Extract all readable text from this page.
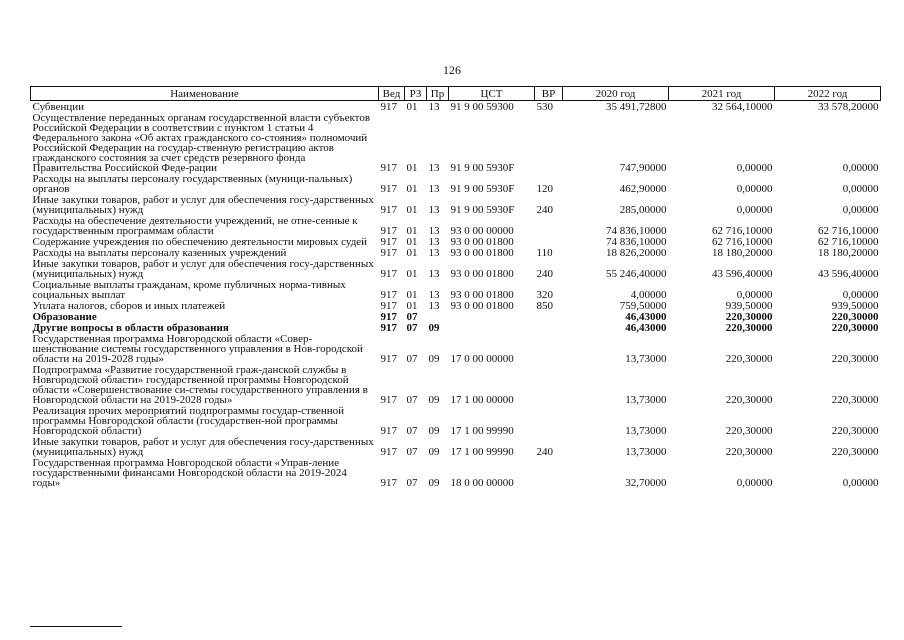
126
Наименование	Вед	РЗ	Пр	ЦСТ	ВР	2020 год	2021 год	2022 год
Субвенции	917	01	13	91 9 00 59300	530	35 491,72800	32 564,10000	33 578,20000
Осуществление переданных органам государственной власти субъектов Российской Федерации в соответствии с пунктом 1 статьи 4 Федерального закона «Об актах гражданского со-стояния» полномочий Российской Федерации на государ-ственную регистрацию актов гражданского состояния за счет средств резервного фонда Правительства Российской Феде-рации	917	01	13	91 9 00 5930F		747,90000	0,00000	0,00000
Расходы на выплаты персоналу государственных (муници-пальных) органов	917	01	13	91 9 00 5930F	120	462,90000	0,00000	0,00000
Иные закупки товаров, работ и услуг для обеспечения госу-дарственных (муниципальных) нужд	917	01	13	91 9 00 5930F	240	285,00000	0,00000	0,00000
Расходы на обеспечение деятельности учреждений, не отне-сенные к государственным программам области	917	01	13	93 0 00 00000		74 836,10000	62 716,10000	62 716,10000
Содержание учреждения по обеспечению деятельности мировых судей	917	01	13	93 0 00 01800		74 836,10000	62 716,10000	62 716,10000
Расходы на выплаты персоналу казенных учреждений	917	01	13	93 0 00 01800	110	18 826,20000	18 180,20000	18 180,20000
Иные закупки товаров, работ и услуг для обеспечения госу-дарственных (муниципальных) нужд	917	01	13	93 0 00 01800	240	55 246,40000	43 596,40000	43 596,40000
Социальные выплаты гражданам, кроме публичных норма-тивных социальных выплат	917	01	13	93 0 00 01800	320	4,00000	0,00000	0,00000
Уплата налогов, сборов и иных платежей	917	01	13	93 0 00 01800	850	759,50000	939,50000	939,50000
Образование	917	07				46,43000	220,30000	220,30000
Другие вопросы в области образования	917	07	09			46,43000	220,30000	220,30000
Государственная программа Новгородской области «Совер-шенствование системы государственного управления в Нов-городской области на 2019-2028 годы»	917	07	09	17 0 00 00000		13,73000	220,30000	220,30000
Подпрограмма «Развитие государственной граж-данской службы в Новгородской области» государственной программы Новгородской области «Совершенствование си-стемы государственного управления в Новгородской области на 2019-2028 годы»	917	07	09	17 1 00 00000		13,73000	220,30000	220,30000
Реализация прочих мероприятий подпрограммы государ-ственной программы Новгородской области (государствен-ной программы Новгородской области)	917	07	09	17 1 00 99990		13,73000	220,30000	220,30000
Иные закупки товаров, работ и услуг для обеспечения госу-дарственных (муниципальных) нужд	917	07	09	17 1 00 99990	240	13,73000	220,30000	220,30000
Государственная программа Новгородской области «Управ-ление государственными финансами Новгородской области на 2019-2024 годы»	917	07	09	18 0 00 00000		32,70000	0,00000	0,00000
